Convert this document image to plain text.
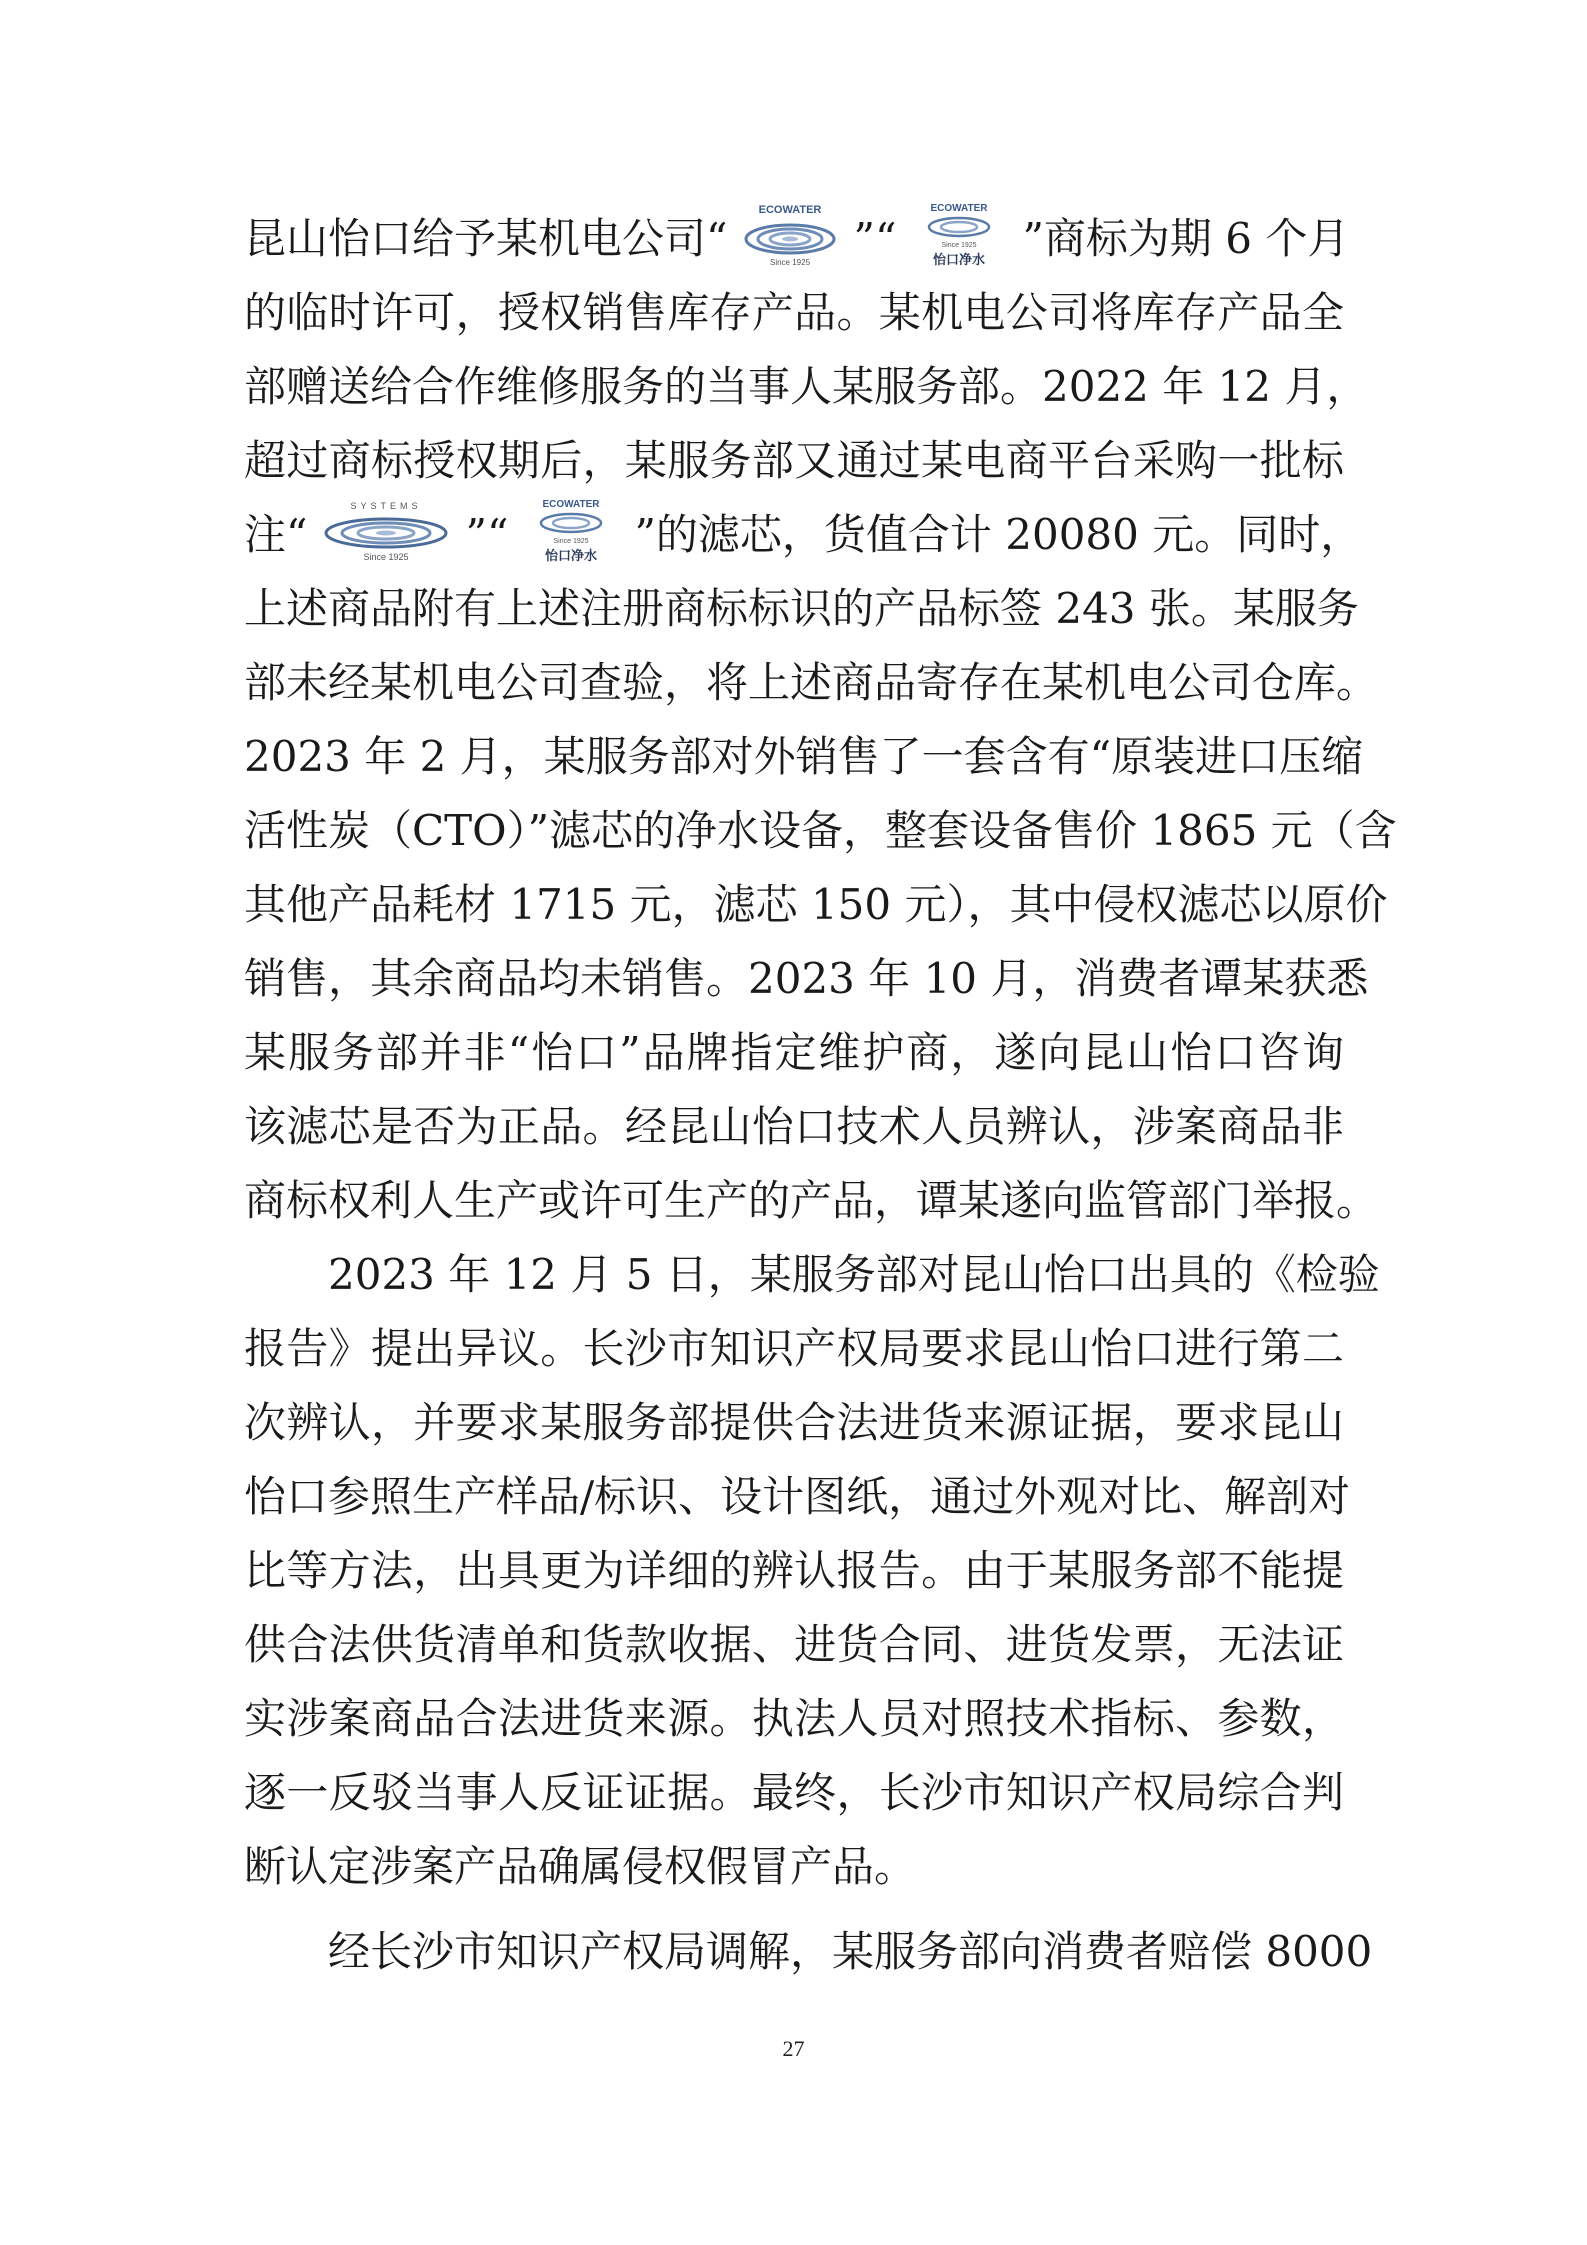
昆山怡口给予某机电公司“
ECOWATER
Since 1925 ”“
ECOWATER
Since 1925
怡口净水 ”商标为期 6 个月
的临时许可，授权销售库存产品。某机电公司将库存产品全
部赠送给合作维修服务的当事人某服务部。2022 年 12 月，
超过商标授权期后，某服务部又通过某电商平台采购一批标
注“
SYSTEMS
Since 1925 ”“
ECOWATER
Since 1925
怡口净水 ”的滤芯，货值合计 20080 元。同时，
上述商品附有上述注册商标标识的产品标签 243 张。某服务
部未经某机电公司查验，将上述商品寄存在某机电公司仓库。
2023 年 2 月，某服务部对外销售了一套含有“原装进口压缩
活性炭（CTO）”滤芯的净水设备，整套设备售价 1865 元（含
其他产品耗材 1715 元，滤芯 150 元），其中侵权滤芯以原价
销售，其余商品均未销售。2023 年 10 月，消费者谭某获悉
某服务部并非“怡口”品牌指定维护商，遂向昆山怡口咨询
该滤芯是否为正品。经昆山怡口技术人员辨认，涉案商品非
商标权利人生产或许可生产的产品，谭某遂向监管部门举报。
2023 年 12 月 5 日，某服务部对昆山怡口出具的《检验
报告》提出异议。长沙市知识产权局要求昆山怡口进行第二
次辨认，并要求某服务部提供合法进货来源证据，要求昆山
怡口参照生产样品/标识、设计图纸，通过外观对比、解剖对
比等方法，出具更为详细的辨认报告。由于某服务部不能提
供合法供货清单和货款收据、进货合同、进货发票，无法证
实涉案商品合法进货来源。执法人员对照技术指标、参数，
逐一反驳当事人反证证据。最终，长沙市知识产权局综合判
断认定涉案产品确属侵权假冒产品。
经长沙市知识产权局调解，某服务部向消费者赔偿 8000
27
